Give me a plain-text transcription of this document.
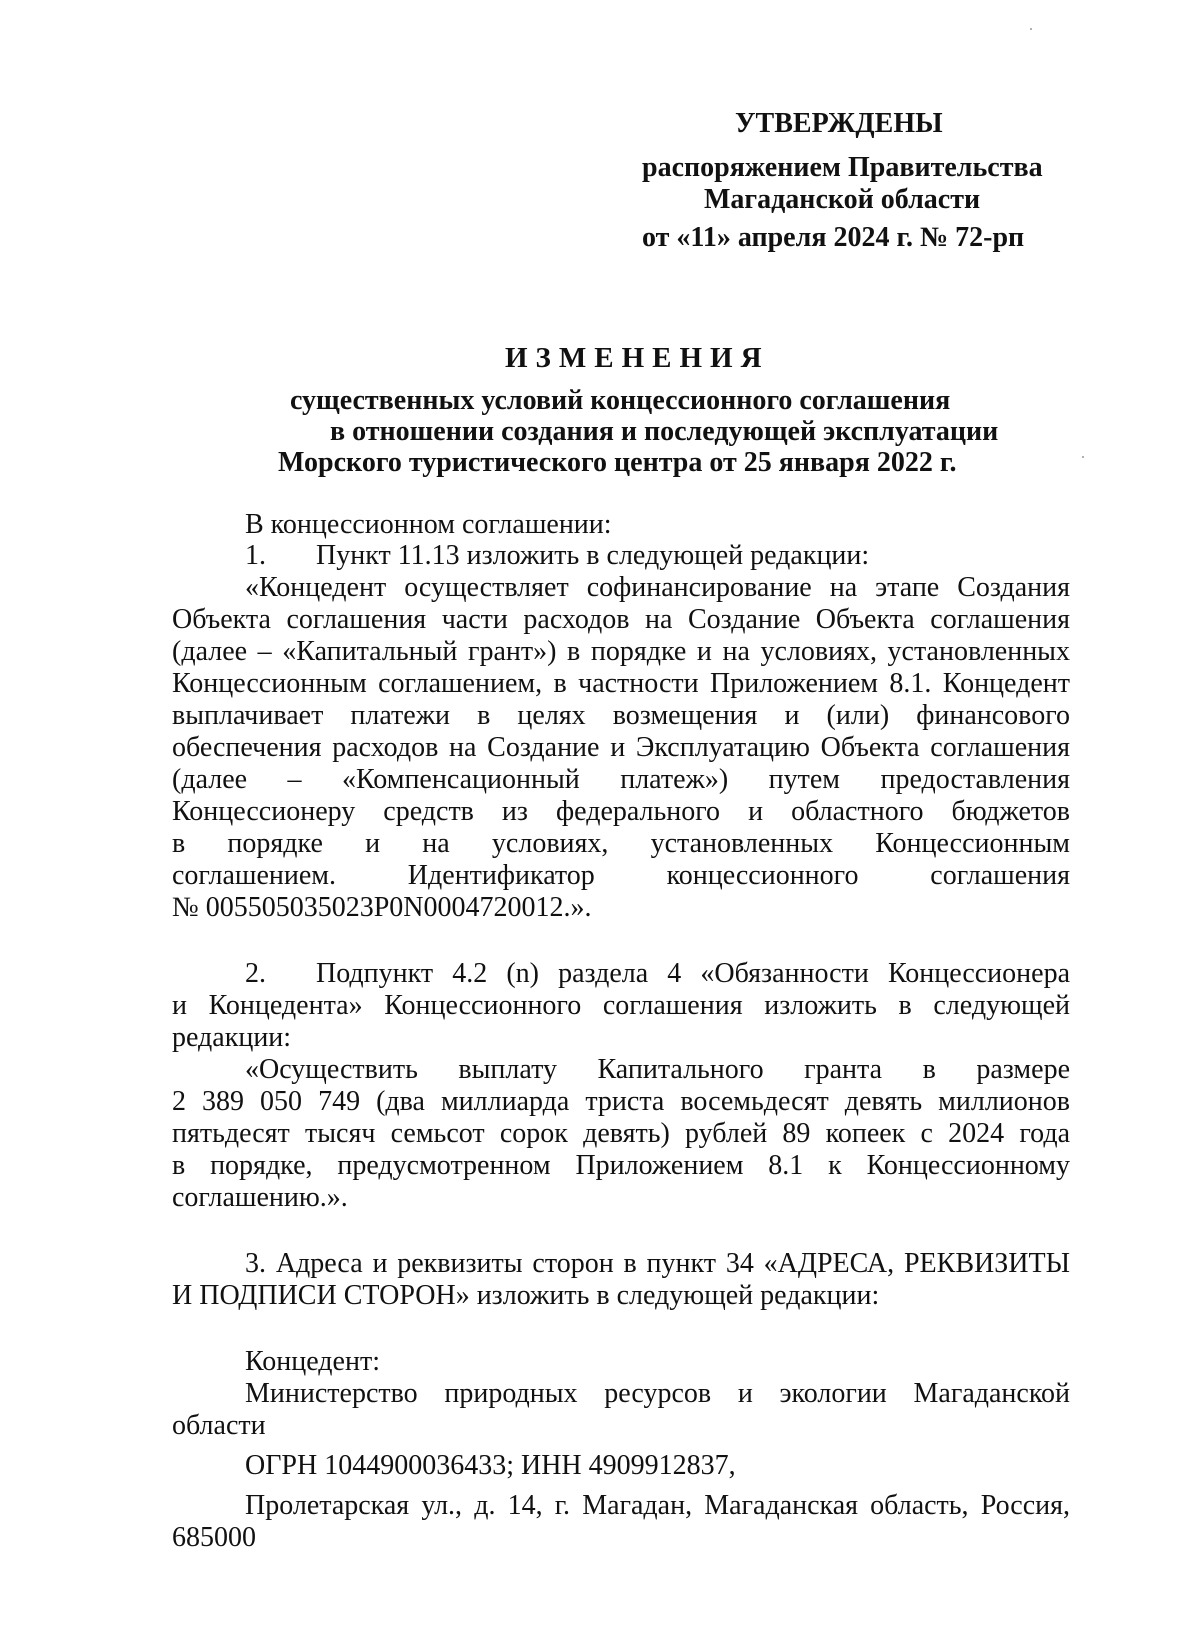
УТВЕРЖДЕНЫ
распоряжением Правительства
Магаданской области
от «11» апреля 2024 г. № 72-рп
ИЗМЕНЕНИЯ
существенных условий концессионного соглашения
в отношении создания и последующей эксплуатации
Морского туристического центра от 25 января 2022 г.
В концессионном соглашении:
1. Пункт 11.13 изложить в следующей редакции:
«Концедент осуществляет софинансирование на этапе Создания
Объекта соглашения части расходов на Создание Объекта соглашения
(далее – «Капитальный грант») в порядке и на условиях, установленных
Концессионным соглашением, в частности Приложением 8.1. Концедент
выплачивает платежи в целях возмещения и (или) финансового
обеспечения расходов на Создание и Эксплуатацию Объекта соглашения
(далее – «Компенсационный платеж») путем предоставления
Концессионеру средств из федерального и областного бюджетов
в порядке и на условиях, установленных Концессионным
соглашением. Идентификатор концессионного соглашения
№ 005505035023P0N0004720012.».
2. Подпункт 4.2 (n) раздела 4 «Обязанности Концессионера
и Концедента» Концессионного соглашения изложить в следующей
редакции:
«Осуществить выплату Капитального гранта в размере
2 389 050 749 (два миллиарда триста восемьдесят девять миллионов
пятьдесят тысяч семьсот сорок девять) рублей 89 копеек с 2024 года
в порядке, предусмотренном Приложением 8.1 к Концессионному
соглашению.».
3. Адреса и реквизиты сторон в пункт 34 «АДРЕСА, РЕКВИЗИТЫ
И ПОДПИСИ СТОРОН» изложить в следующей редакции:
Концедент:
Министерство природных ресурсов и экологии Магаданской
области
ОГРН 1044900036433; ИНН 4909912837,
Пролетарская ул., д. 14, г. Магадан, Магаданская область, Россия,
685000
